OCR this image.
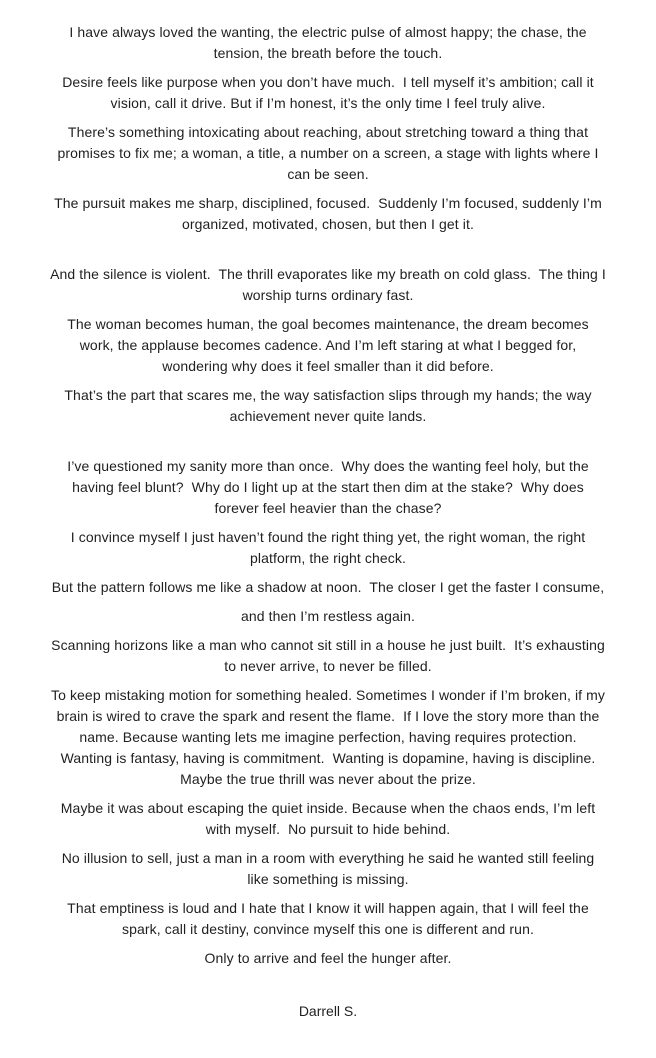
I have always loved the wanting, the electric pulse of almost happy; the chase, the tension, the breath before the touch.

Desire feels like purpose when you don’t have much.  I tell myself it’s ambition; call it vision, call it drive. But if I’m honest, it’s the only time I feel truly alive.

There’s something intoxicating about reaching, about stretching toward a thing that promises to fix me; a woman, a title, a number on a screen, a stage with lights where I can be seen.

The pursuit makes me sharp, disciplined, focused.  Suddenly I’m focused, suddenly I’m organized, motivated, chosen, but then I get it.

And the silence is violent.  The thrill evaporates like my breath on cold glass.  The thing I worship turns ordinary fast.

The woman becomes human, the goal becomes maintenance, the dream becomes work, the applause becomes cadence. And I’m left staring at what I begged for, wondering why does it feel smaller than it did before.

That’s the part that scares me, the way satisfaction slips through my hands; the way achievement never quite lands.

I’ve questioned my sanity more than once.  Why does the wanting feel holy, but the having feel blunt?  Why do I light up at the start then dim at the stake?  Why does forever feel heavier than the chase?

I convince myself I just haven’t found the right thing yet, the right woman, the right platform, the right check.

But the pattern follows me like a shadow at noon.  The closer I get the faster I consume,

and then I’m restless again.

Scanning horizons like a man who cannot sit still in a house he just built.  It’s exhausting to never arrive, to never be filled.

To keep mistaking motion for something healed. Sometimes I wonder if I’m broken, if my brain is wired to crave the spark and resent the flame.  If I love the story more than the name. Because wanting lets me imagine perfection, having requires protection.  Wanting is fantasy, having is commitment.  Wanting is dopamine, having is discipline. Maybe the true thrill was never about the prize.

Maybe it was about escaping the quiet inside. Because when the chaos ends, I’m left with myself.  No pursuit to hide behind.

No illusion to sell, just a man in a room with everything he said he wanted still feeling like something is missing.

That emptiness is loud and I hate that I know it will happen again, that I will feel the spark, call it destiny, convince myself this one is different and run.

Only to arrive and feel the hunger after.

Darrell S.
